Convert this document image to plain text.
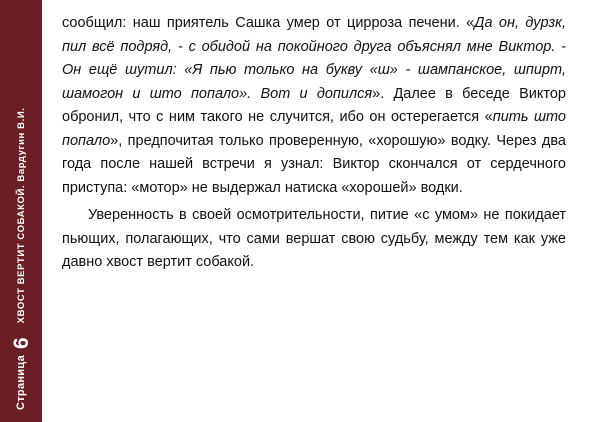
Страница
6
ХВОСТ ВЕРТИТ СОБАКОЙ. Вардугин В.И.

сообщил: наш приятель Сашка умер от цирроза печени. «Да он, дурзк, пил всё подряд, - с обидой на покойного друга объяснял мне Виктор. - Он ещё шутил: «Я пью только на букву «ш» - шампанское, шпирт, шамогон и што попало». Вот и допился». Далее в беседе Виктор обронил, что с ним такого не случится, ибо он остерегается «пить што попало», предпочитая только проверенную, «хорошую» водку. Через два года после нашей встречи я узнал: Виктор скончался от сердечного приступа: «мотор» не выдержал натиска «хорошей» водки.

Уверенность в своей осмотрительности, питие «с умом» не покидает пьющих, полагающих, что сами вершат свою судьбу, между тем как уже давно хвост вертит собакой.
